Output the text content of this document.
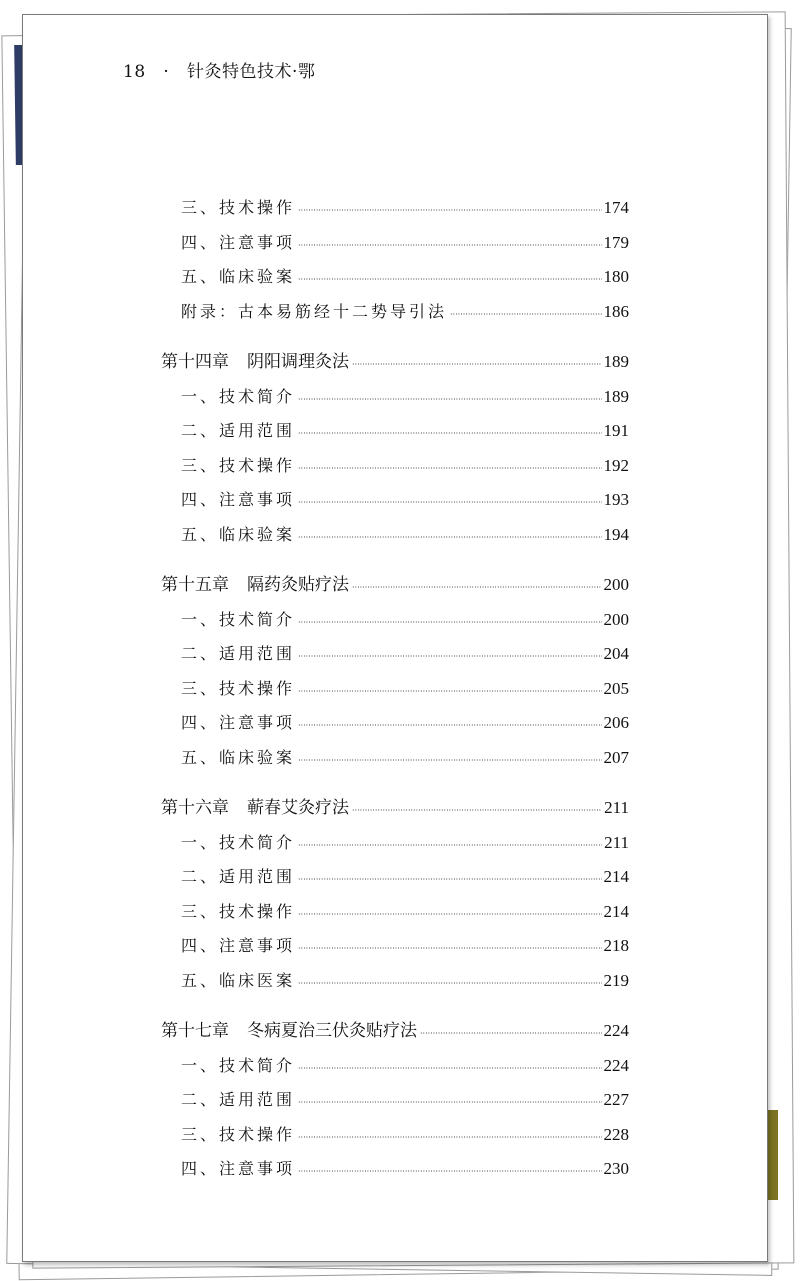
18 · 针灸特色技术·鄂
三、技术操作 ·····	174
四、注意事项 ·····	179
五、临床验案 ·····	180
附录：古本易筋经十二势导引法 ·····	186
第十四章 阴阳调理灸法 ·····	189
一、技术简介 ·····	189
二、适用范围 ·····	191
三、技术操作 ·····	192
四、注意事项 ·····	193
五、临床验案 ·····	194
第十五章 隔药灸贴疗法 ·····	200
一、技术简介 ·····	200
二、适用范围 ·····	204
三、技术操作 ·····	205
四、注意事项 ·····	206
五、临床验案 ·····	207
第十六章 蕲春艾灸疗法 ·····	211
一、技术简介 ·····	211
二、适用范围 ·····	214
三、技术操作 ·····	214
四、注意事项 ·····	218
五、临床医案 ·····	219
第十七章 冬病夏治三伏灸贴疗法 ·····	224
一、技术简介 ·····	224
二、适用范围 ·····	227
三、技术操作 ·····	228
四、注意事项 ·····	230
